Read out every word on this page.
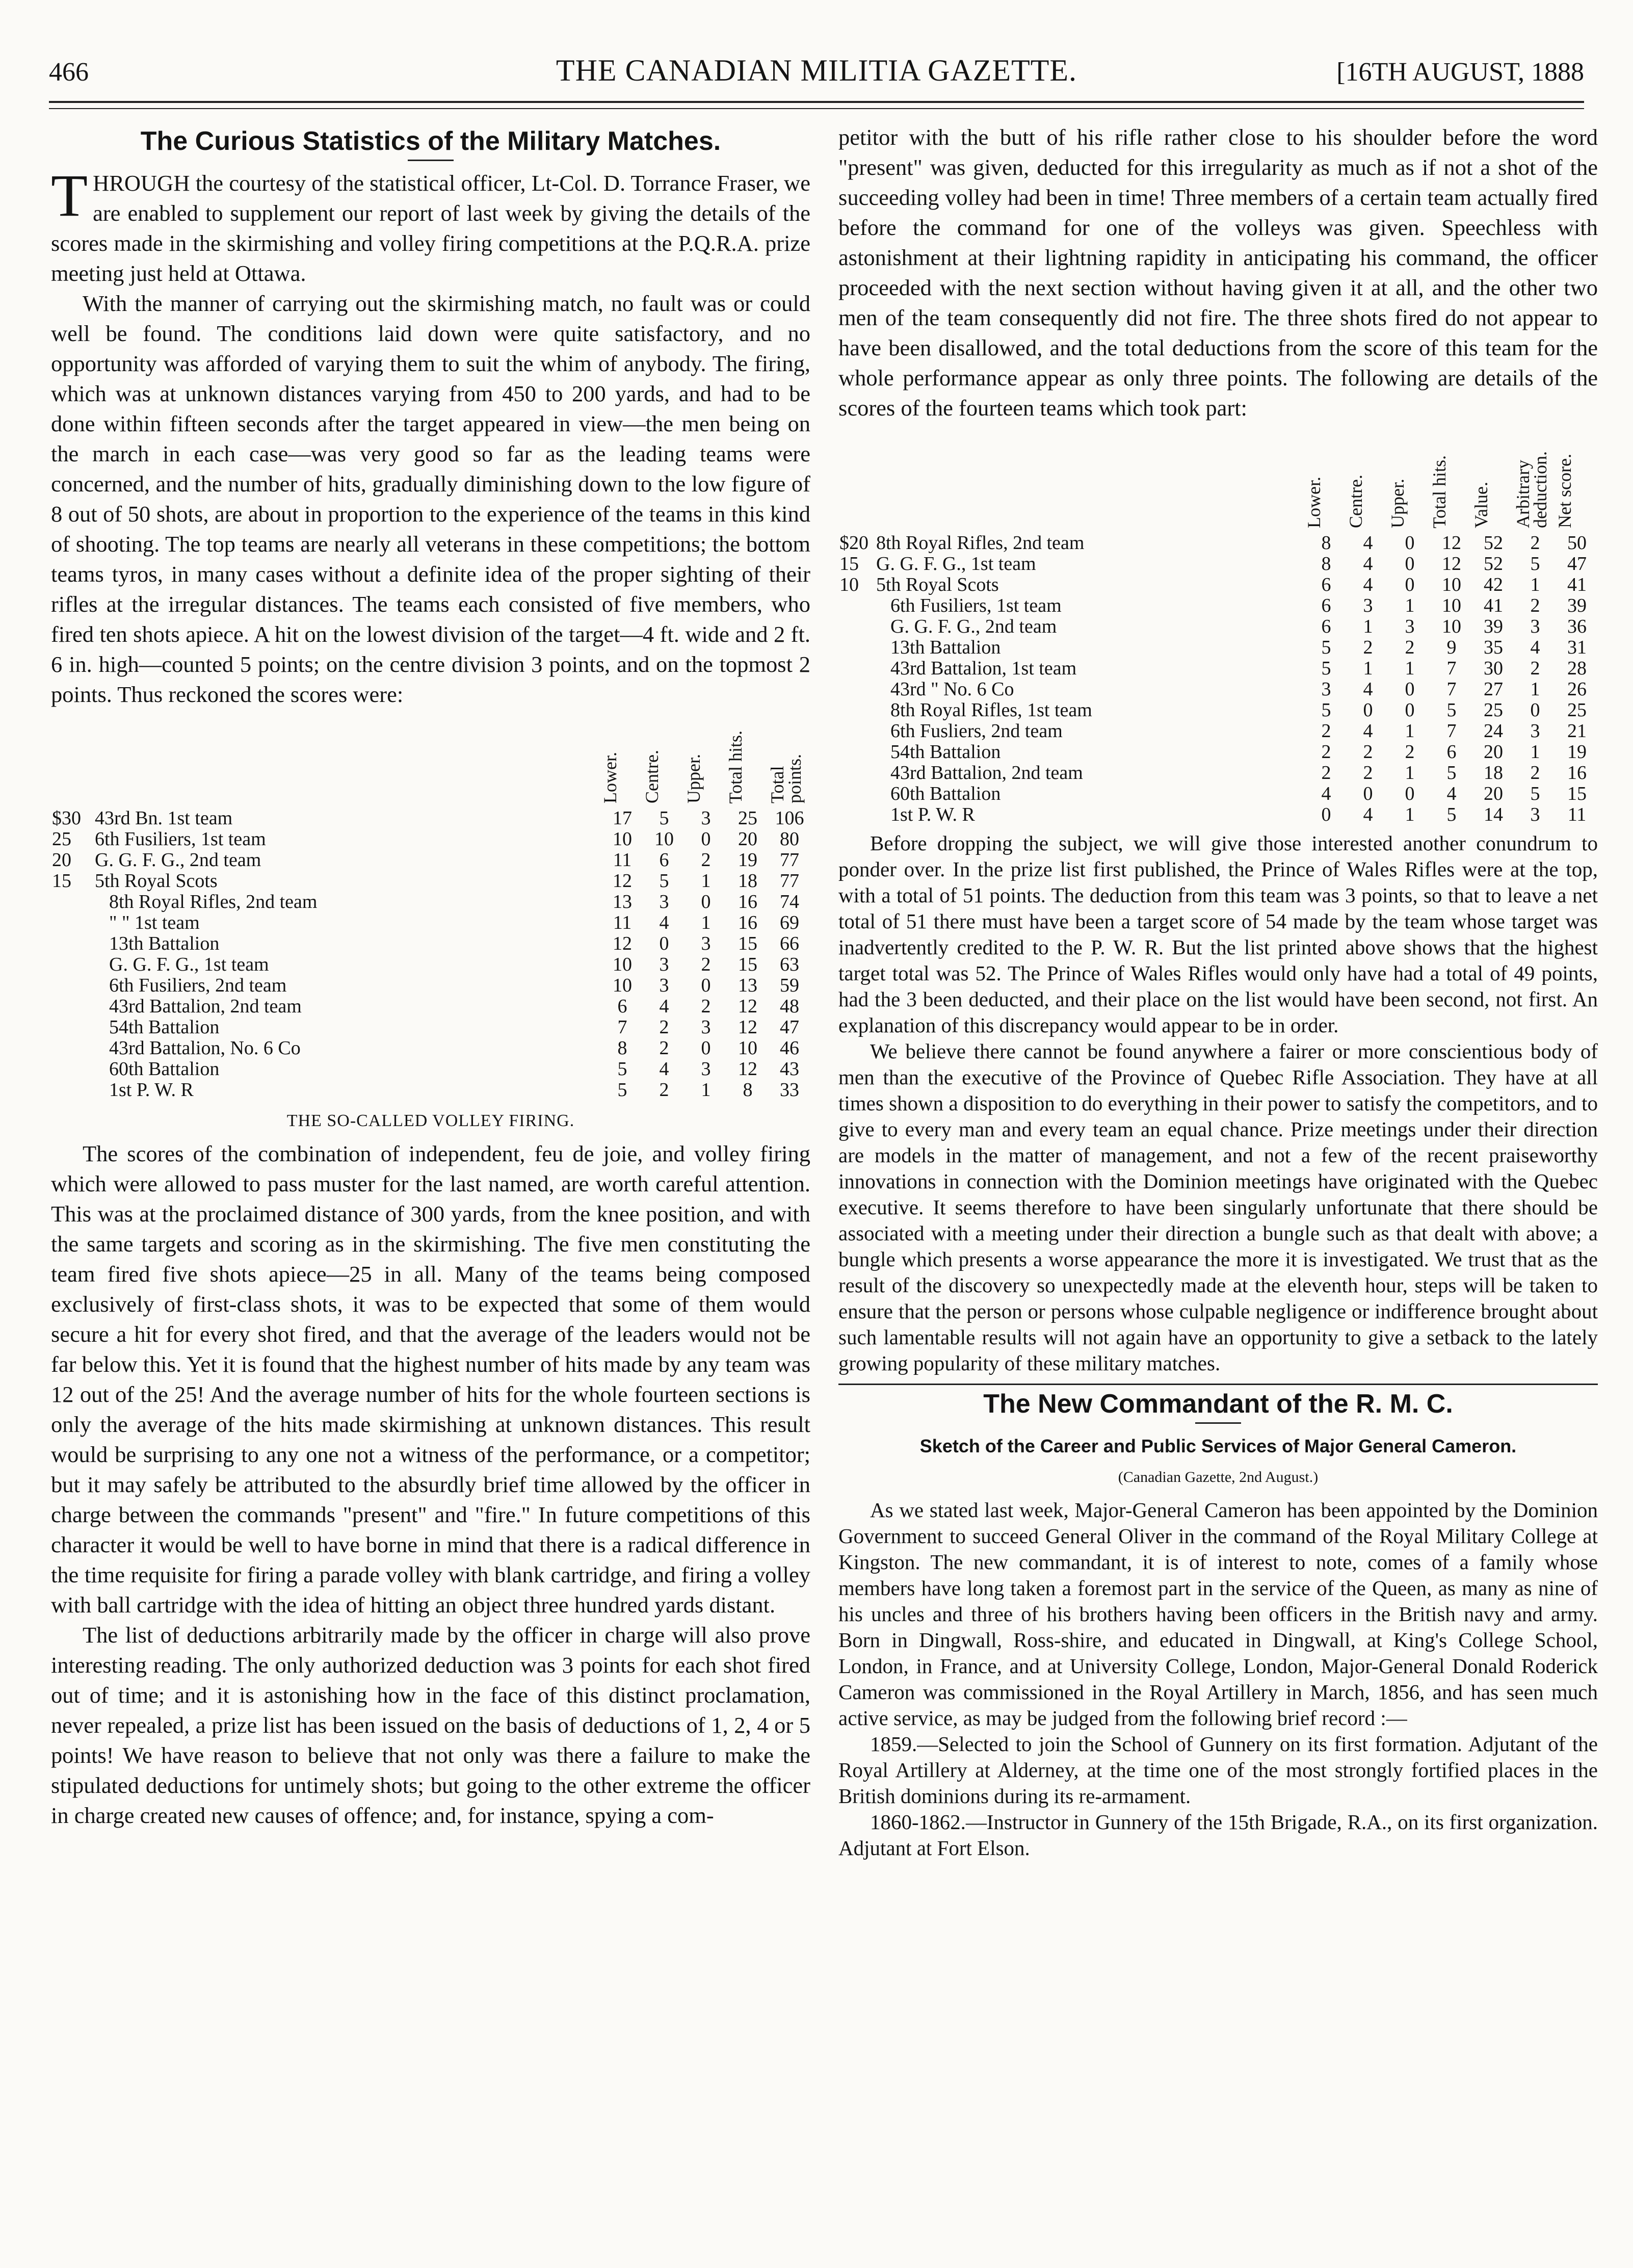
466	THE CANADIAN MILITIA GAZETTE.	[16TH AUGUST, 1888
The Curious Statistics of the Military Matches.

THROUGH the courtesy of the statistical officer, Lt-Col. D. Torrance Fraser, we are enabled to supplement our report of last week by giving the details of the scores made in the skirmishing and volley firing competitions at the P.Q.R.A. prize meeting just held at Ottawa.

With the manner of carrying out the skirmishing match, no fault was or could well be found. The conditions laid down were quite satisfactory, and no opportunity was afforded of varying them to suit the whim of anybody. The firing, which was at unknown distances varying from 450 to 200 yards, and had to be done within fifteen seconds after the target appeared in view—the men being on the march in each case—was very good so far as the leading teams were concerned, and the number of hits, gradually diminishing down to the low figure of 8 out of 50 shots, are about in proportion to the experience of the teams in this kind of shooting. The top teams are nearly all veterans in these competitions; the bottom teams tyros, in many cases without a definite idea of the proper sighting of their rifles at the irregular distances. The teams each consisted of five members, who fired ten shots apiece. A hit on the lowest division of the target—4 ft. wide and 2 ft. 6 in. high—counted 5 points; on the centre division 3 points, and on the topmost 2 points. Thus reckoned the scores were:

		Lower.	Centre.	Upper.	Total hits.	Total points.
$30	43rd Bn. 1st team	17	5	3	25	106
25	6th Fusiliers, 1st team	10	10	0	20	80
20	G. G. F. G., 2nd team	11	6	2	19	77
15	5th Royal Scots	12	5	1	18	77
	8th Royal Rifles, 2nd team	13	3	0	16	74
	" " 1st team	11	4	1	16	69
	13th Battalion	12	0	3	15	66
	G. G. F. G., 1st team	10	3	2	15	63
	6th Fusiliers, 2nd team	10	3	0	13	59
	43rd Battalion, 2nd team	6	4	2	12	48
	54th Battalion	7	2	3	12	47
	43rd Battalion, No. 6 Co	8	2	0	10	46
	60th Battalion	5	4	3	12	43
	1st P. W. R	5	2	1	8	33
THE SO-CALLED VOLLEY FIRING.

The scores of the combination of independent, feu de joie, and volley firing which were allowed to pass muster for the last named, are worth careful attention. This was at the proclaimed distance of 300 yards, from the knee position, and with the same targets and scoring as in the skirmishing. The five men constituting the team fired five shots apiece—25 in all. Many of the teams being composed exclusively of first-class shots, it was to be expected that some of them would secure a hit for every shot fired, and that the average of the leaders would not be far below this. Yet it is found that the highest number of hits made by any team was 12 out of the 25! And the average number of hits for the whole fourteen sections is only the average of the hits made skirmishing at unknown distances. This result would be surprising to any one not a witness of the performance, or a competitor; but it may safely be attributed to the absurdly brief time allowed by the officer in charge between the commands "present" and "fire." In future competitions of this character it would be well to have borne in mind that there is a radical difference in the time requisite for firing a parade volley with blank cartridge, and firing a volley with ball cartridge with the idea of hitting an object three hundred yards distant.

The list of deductions arbitrarily made by the officer in charge will also prove interesting reading. The only authorized deduction was 3 points for each shot fired out of time; and it is astonishing how in the face of this distinct proclamation, never repealed, a prize list has been issued on the basis of deductions of 1, 2, 4 or 5 points! We have reason to believe that not only was there a failure to make the stipulated deductions for untimely shots; but going to the other extreme the officer in charge created new causes of offence; and, for instance, spying a com-

petitor with the butt of his rifle rather close to his shoulder before the word "present" was given, deducted for this irregularity as much as if not a shot of the succeeding volley had been in time! Three members of a certain team actually fired before the command for one of the volleys was given. Speechless with astonishment at their lightning rapidity in anticipating his command, the officer proceeded with the next section without having given it at all, and the other two men of the team consequently did not fire. The three shots fired do not appear to have been disallowed, and the total deductions from the score of this team for the whole performance appear as only three points. The following are details of the scores of the fourteen teams which took part:

		Lower.	Centre.	Upper.	Total hits.	Value.	Arbitrary deduction.	Net score.
$20	8th Royal Rifles, 2nd team	8	4	0	12	52	2	50
15	G. G. F. G., 1st team	8	4	0	12	52	5	47
10	5th Royal Scots	6	4	0	10	42	1	41
	6th Fusiliers, 1st team	6	3	1	10	41	2	39
	G. G. F. G., 2nd team	6	1	3	10	39	3	36
	13th Battalion	5	2	2	9	35	4	31
	43rd Battalion, 1st team	5	1	1	7	30	2	28
	43rd " No. 6 Co	3	4	0	7	27	1	26
	8th Royal Rifles, 1st team	5	0	0	5	25	0	25
	6th Fusliers, 2nd team	2	4	1	7	24	3	21
	54th Battalion	2	2	2	6	20	1	19
	43rd Battalion, 2nd team	2	2	1	5	18	2	16
	60th Battalion	4	0	0	4	20	5	15
	1st P. W. R	0	4	1	5	14	3	11

Before dropping the subject, we will give those interested another conundrum to ponder over. In the prize list first published, the Prince of Wales Rifles were at the top, with a total of 51 points. The deduction from this team was 3 points, so that to leave a net total of 51 there must have been a target score of 54 made by the team whose target was inadvertently credited to the P. W. R. But the list printed above shows that the highest target total was 52. The Prince of Wales Rifles would only have had a total of 49 points, had the 3 been deducted, and their place on the list would have been second, not first. An explanation of this discrepancy would appear to be in order.

We believe there cannot be found anywhere a fairer or more conscientious body of men than the executive of the Province of Quebec Rifle Association. They have at all times shown a disposition to do everything in their power to satisfy the competitors, and to give to every man and every team an equal chance. Prize meetings under their direction are models in the matter of management, and not a few of the recent praiseworthy innovations in connection with the Dominion meetings have originated with the Quebec executive. It seems therefore to have been singularly unfortunate that there should be associated with a meeting under their direction a bungle such as that dealt with above; a bungle which presents a worse appearance the more it is investigated. We trust that as the result of the discovery so unexpectedly made at the eleventh hour, steps will be taken to ensure that the person or persons whose culpable negligence or indifference brought about such lamentable results will not again have an opportunity to give a setback to the lately growing popularity of these military matches.

The New Commandant of the R. M. C.
Sketch of the Career and Public Services of Major General Cameron.
(Canadian Gazette, 2nd August.)

As we stated last week, Major-General Cameron has been appointed by the Dominion Government to succeed General Oliver in the command of the Royal Military College at Kingston. The new commandant, it is of interest to note, comes of a family whose members have long taken a foremost part in the service of the Queen, as many as nine of his uncles and three of his brothers having been officers in the British navy and army. Born in Dingwall, Ross-shire, and educated in Dingwall, at King's College School, London, in France, and at University College, London, Major-General Donald Roderick Cameron was commissioned in the Royal Artillery in March, 1856, and has seen much active service, as may be judged from the following brief record :—

1859.—Selected to join the School of Gunnery on its first formation. Adjutant of the Royal Artillery at Alderney, at the time one of the most strongly fortified places in the British dominions during its re-armament.

1860-1862.—Instructor in Gunnery of the 15th Brigade, R.A., on its first organization. Adjutant at Fort Elson.
